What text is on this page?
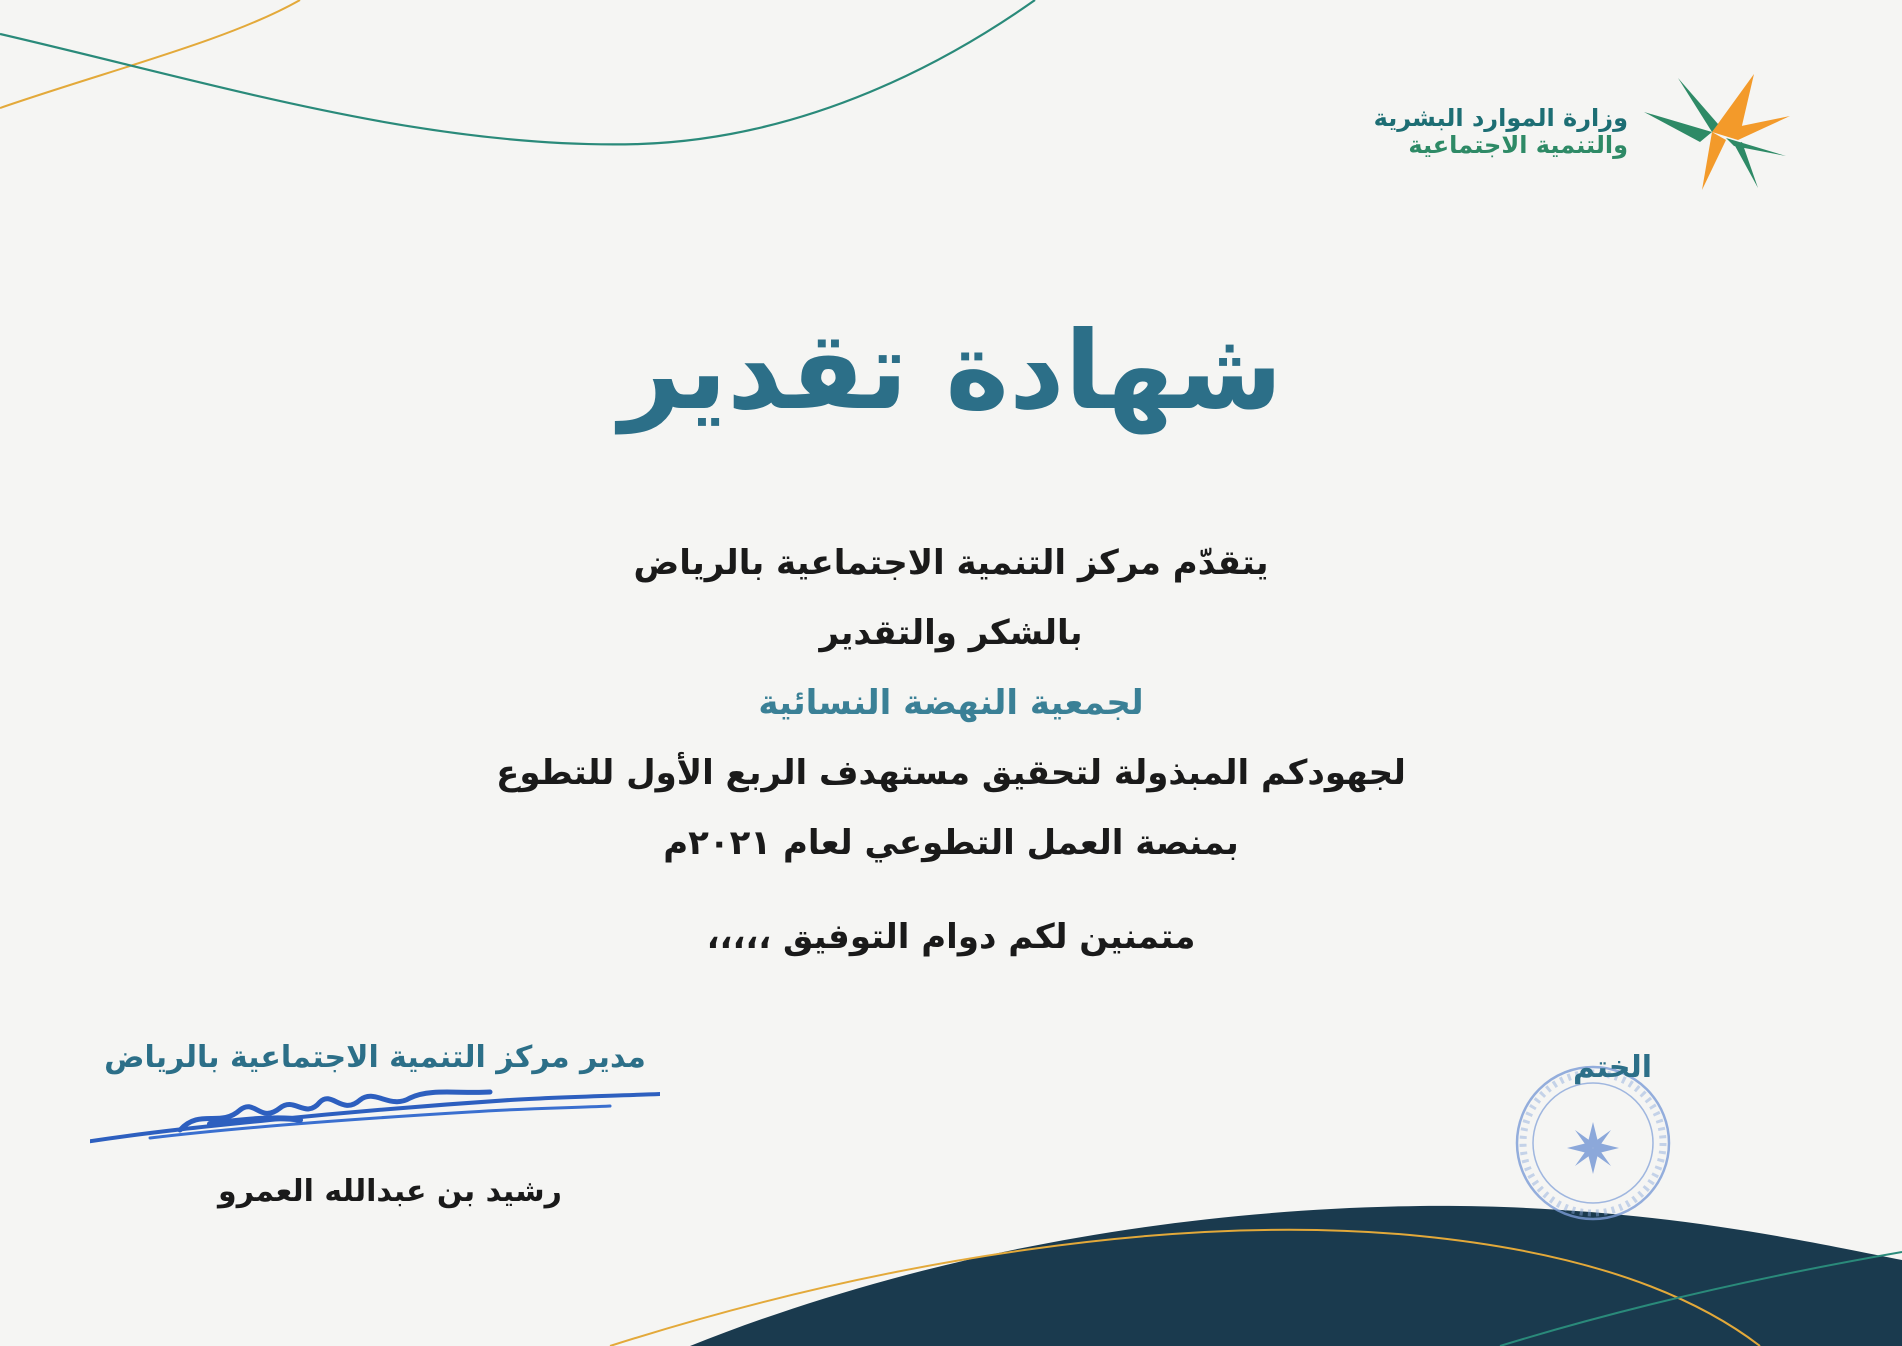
وزارة الموارد البشرية
والتنمية الاجتماعية
شهادة تقدير
يتقدّم مركز التنمية الاجتماعية بالرياض
بالشكر والتقدير
لجمعية النهضة النسائية
لجهودكم المبذولة لتحقيق مستهدف الربع الأول للتطوع
بمنصة العمل التطوعي لعام ٢٠٢١م
متمنين لكم دوام التوفيق ،،،،،
مدير مركز التنمية الاجتماعية بالرياض
رشيد بن عبدالله العمرو
الختم
